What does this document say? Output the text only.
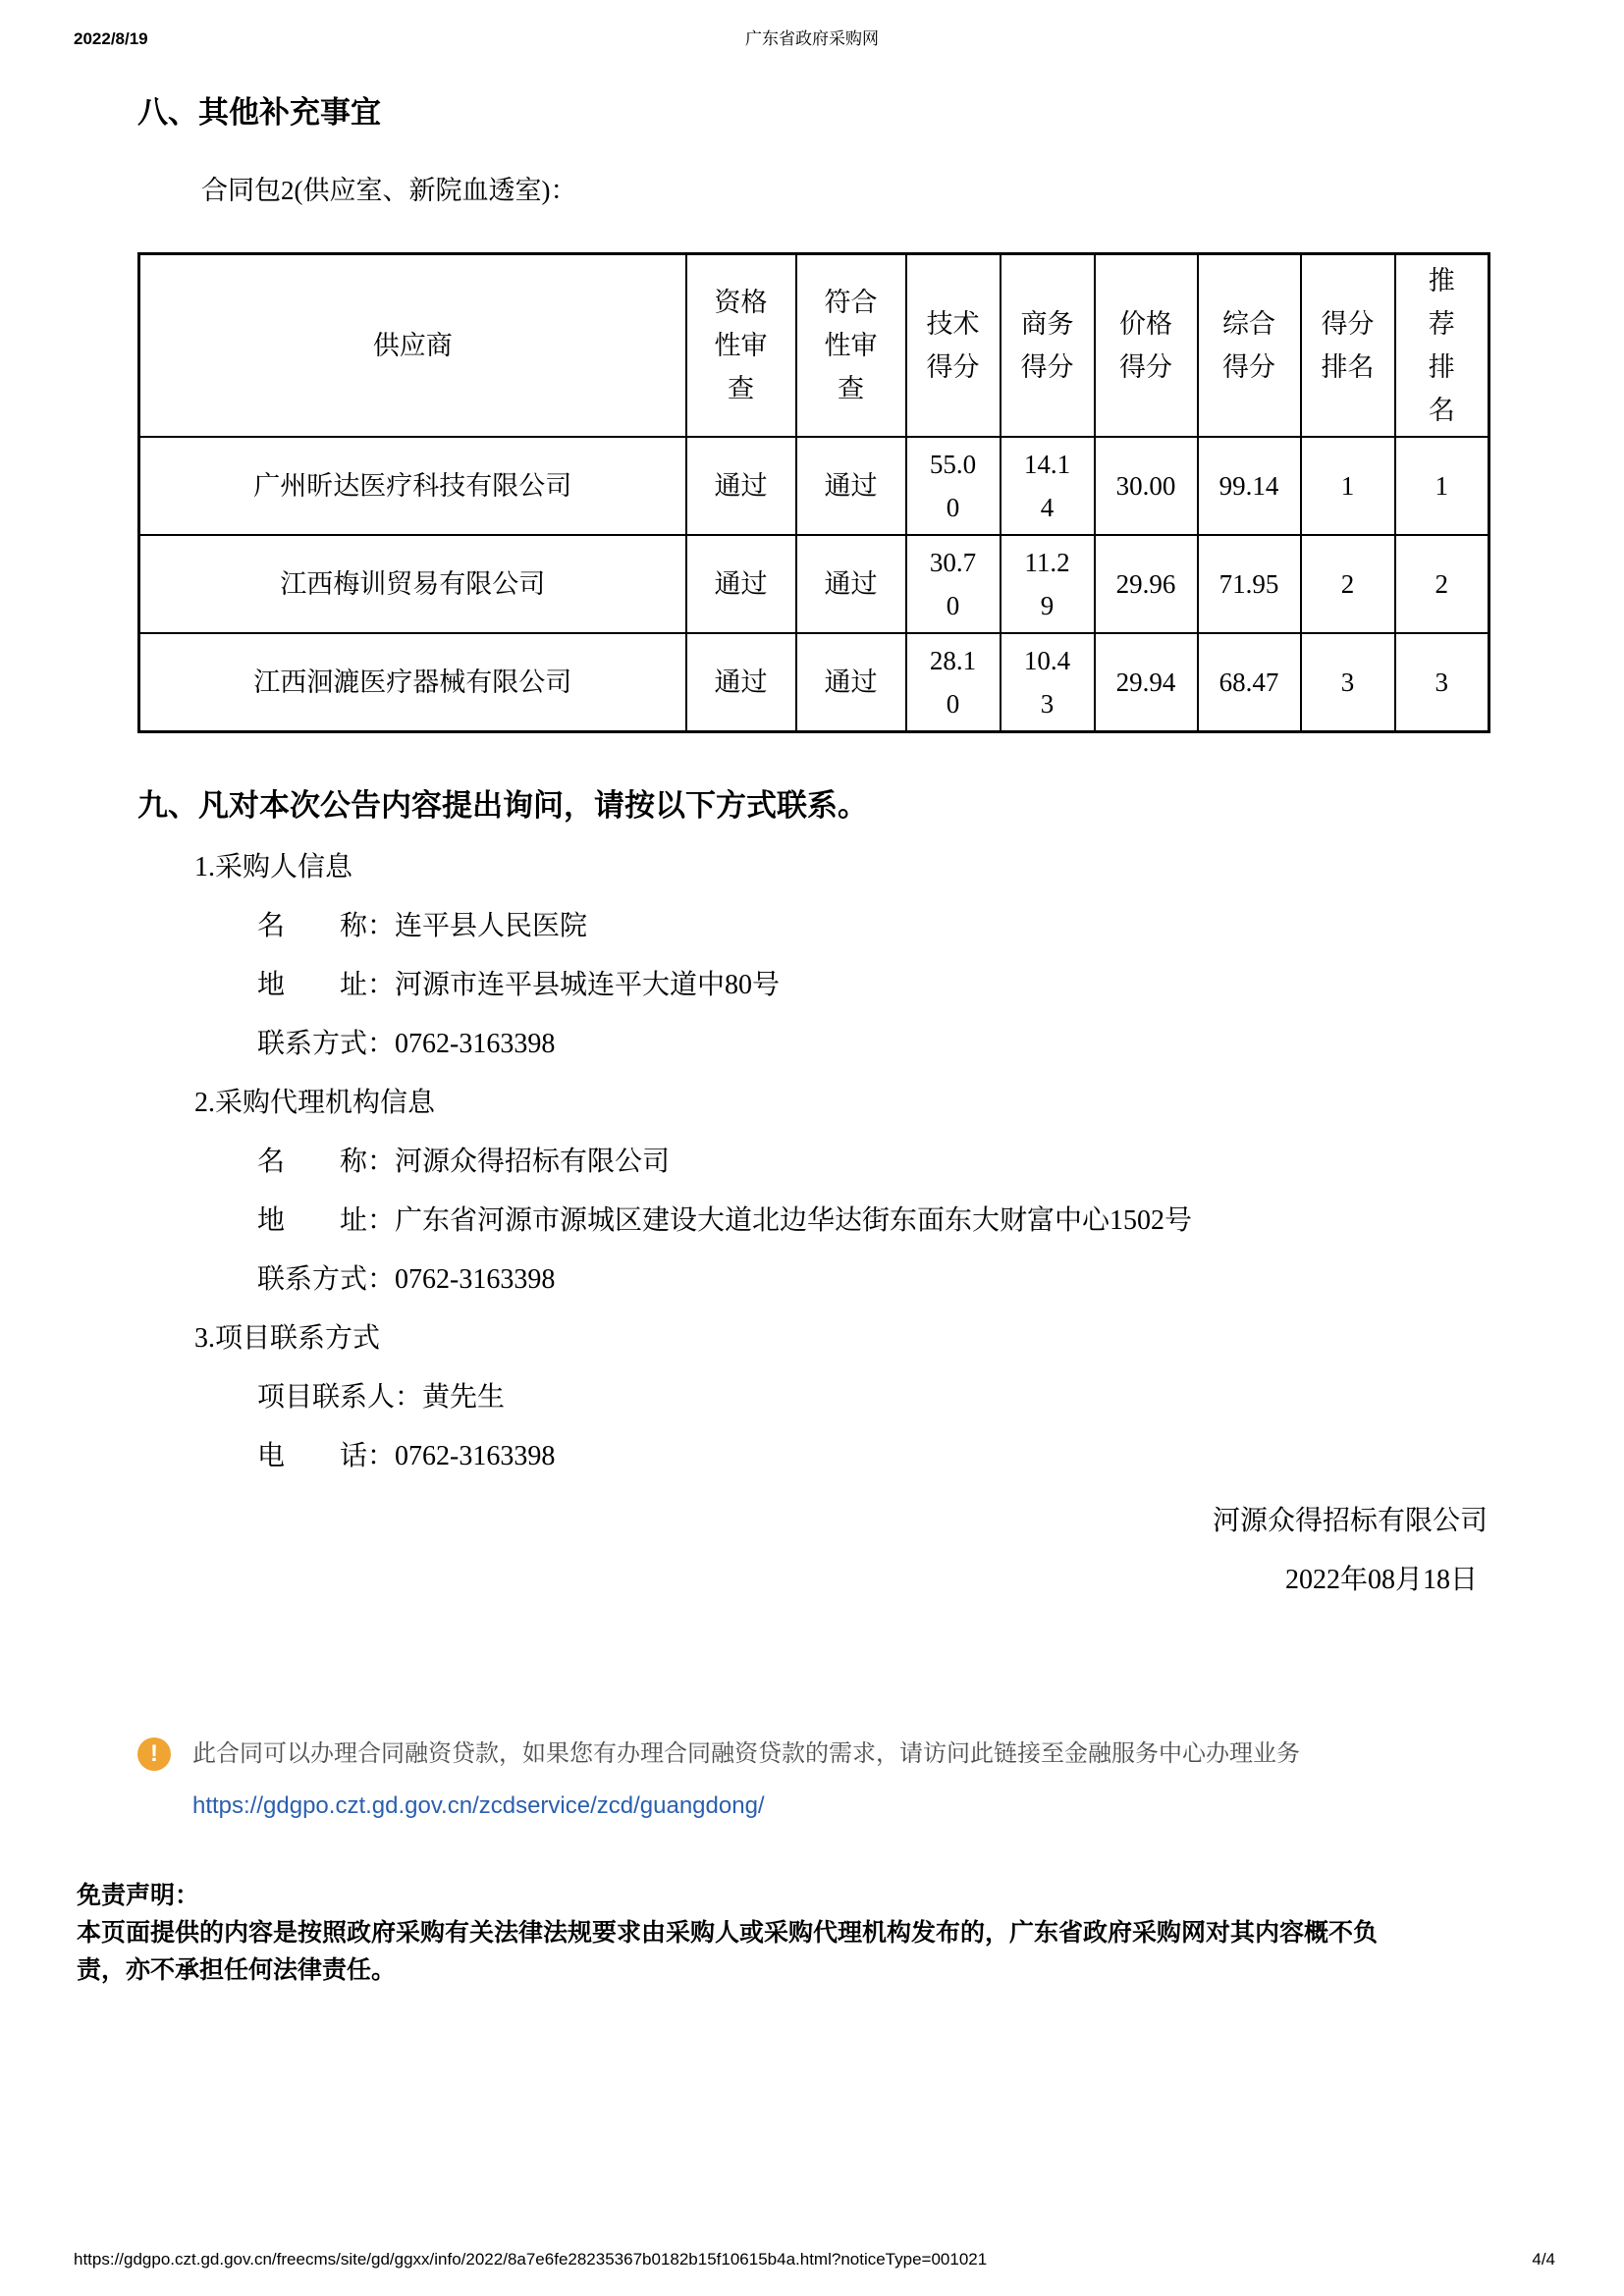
2022/8/19	广东省政府采购网
八、其他补充事宜
合同包2(供应室、新院血透室)：
供应商	资格性审查	符合性审查	技术得分	商务得分	价格得分	综合得分	得分排名	推荐排名
广州昕达医疗科技有限公司	通过	通过	55.00	14.14	30.00	99.14	1	1
江西梅训贸易有限公司	通过	通过	30.70	11.29	29.96	71.95	2	2
江西洄漉医疗器械有限公司	通过	通过	28.10	10.43	29.94	68.47	3	3
九、凡对本次公告内容提出询问，请按以下方式联系。
1.采购人信息
名　　称：连平县人民医院
地　　址：河源市连平县城连平大道中80号
联系方式：0762-3163398
2.采购代理机构信息
名　　称：河源众得招标有限公司
地　　址：广东省河源市源城区建设大道北边华达街东面东大财富中心1502号
联系方式：0762-3163398
3.项目联系方式
项目联系人：黄先生
电　　话：0762-3163398
河源众得招标有限公司
2022年08月18日
!	此合同可以办理合同融资贷款，如果您有办理合同融资贷款的需求，请访问此链接至金融服务中心办理业务
https://gdgpo.czt.gd.gov.cn/zcdservice/zcd/guangdong/
免责声明：
本页面提供的内容是按照政府采购有关法律法规要求由采购人或采购代理机构发布的，广东省政府采购网对其内容概不负责，亦不承担任何法律责任。
https://gdgpo.czt.gd.gov.cn/freecms/site/gd/ggxx/info/2022/8a7e6fe28235367b0182b15f10615b4a.html?noticeType=001021	4/4
